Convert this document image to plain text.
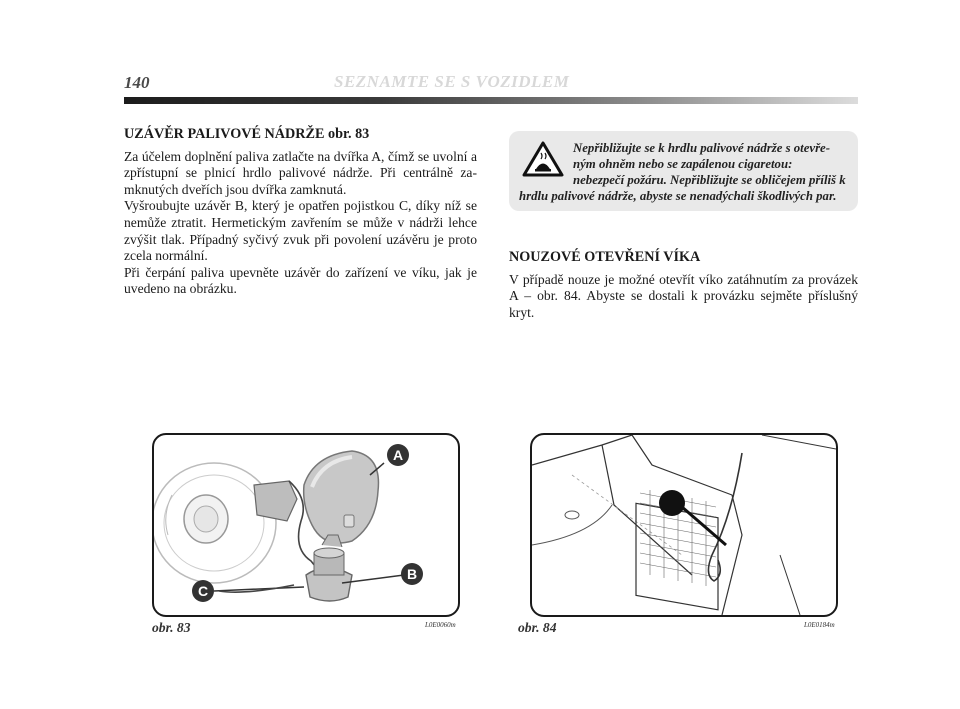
140	SEZNAMTE SE S VOZIDLEM
UZÁVĚR PALIVOVÉ NÁDRŽE obr. 83

Za účelem doplnění paliva zatlačte na dvířka A, čímž se uvolní a zpřístupní se plnicí hrdlo palivové nádrže. Při centrálně zamknutých dveřích jsou dvířka zamknutá.

Vyšroubujte uzávěr B, který je opatřen pojistkou C, díky níž se nemůže ztratit. Hermetickým zavřením se může v nádrži lehce zvýšit tlak. Případný syčivý zvuk při povolení uzávěru je proto zcela normální.

Při čerpání paliva upevněte uzávěr do zařízení ve víku, jak je uvedeno na obrázku.

Nepřibližujte se k hrdlu palivové nádrže s otevřeným ohněm nebo se zapálenou cigaretou: nebezpečí požáru. Nepřibližujte se obličejem příliš k hrdlu palivové nádrže, abyste se nenadýchali škodlivých par.
NOUZOVÉ OTEVŘENÍ VÍKA

V případě nouze je možné otevřít víko zatáhnutím za provázek A – obr. 84. Abyste se dostali k provázku sejměte příslušný kryt.

A
B
C
obr. 83	L0E0060m	obr. 84	L0E0184m
